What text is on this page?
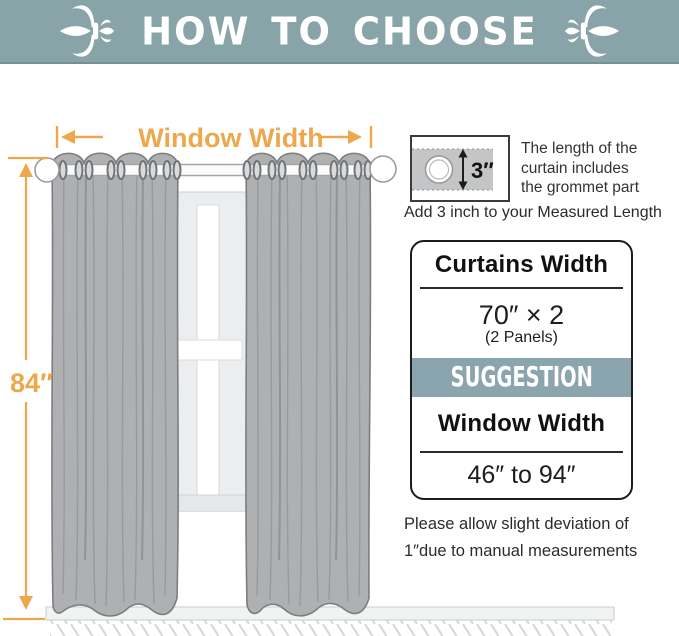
Window Width
84″
HOW TO CHOOSE
3″
The length of the
curtain includes
the grommet part
Add 3 inch to your Measured Length
Curtains Width
70″ × 2
(2 Panels)
SUGGESTION
Window Width
46″ to 94″
Please allow slight deviation of
1″due to manual measurements
